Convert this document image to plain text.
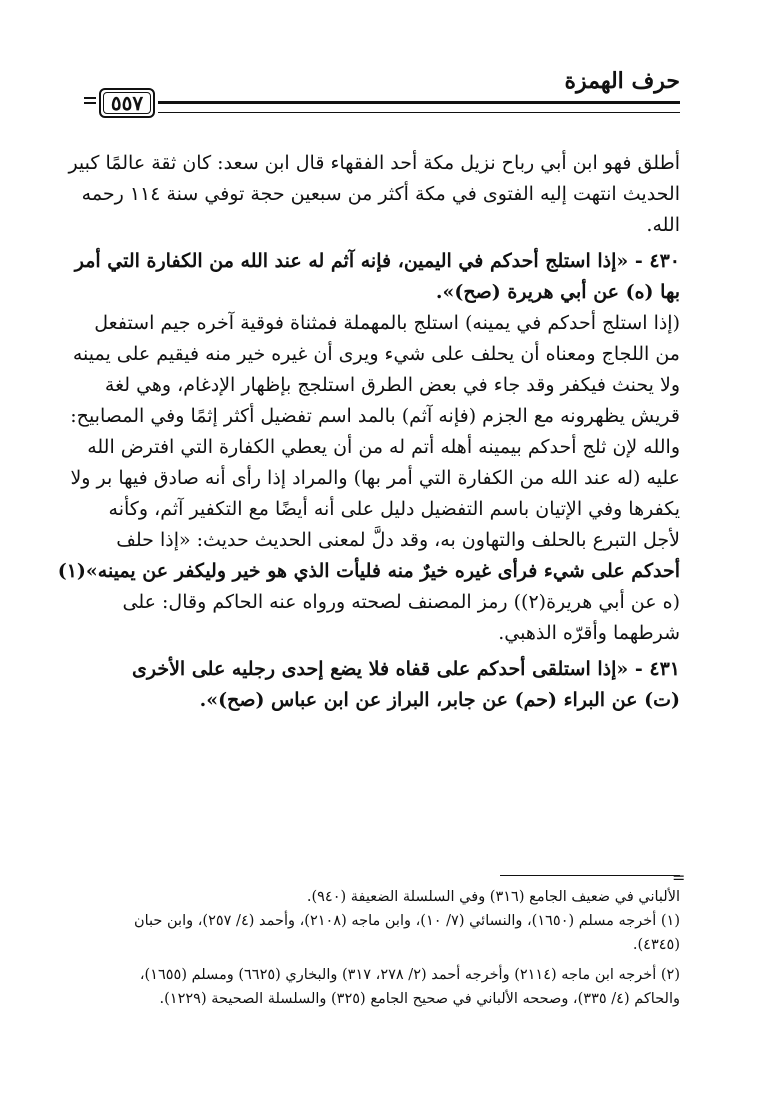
حرف الهمزة
٥٥٧
أطلق فهو ابن أبي رباح نزيل مكة أحد الفقهاء قال ابن سعد: كان ثقة عالمًا كبير
الحديث انتهت إليه الفتوى في مكة أكثر من سبعين حجة توفي سنة ١١٤ رحمه
الله.
٤٣٠ - «إذا استلج أحدكم في اليمين، فإنه آثم له عند الله من الكفارة التي أمر
بها (ه) عن أبي هريرة (صح)».
(إذا استلج أحدكم في يمينه) استلج بالمهملة فمثناة فوقية آخره جيم استفعل
من اللجاج ومعناه أن يحلف على شيء ويرى أن غيره خير منه فيقيم على يمينه
ولا يحنث فيكفر وقد جاء في بعض الطرق استلجج بإظهار الإدغام، وهي لغة
قريش يظهرونه مع الجزم (فإنه آثم) بالمد اسم تفضيل أكثر إثمًا وفي المصابيح:
والله لإن ثلج أحدكم بيمينه أهله أتم له من أن يعطي الكفارة التي افترض الله
عليه (له عند الله من الكفارة التي أمر بها) والمراد إذا رأى أنه صادق فيها بر ولا
يكفرها وفي الإتيان باسم التفضيل دليل على أنه أيضًا مع التكفير آثم، وكأنه
لأجل التبرع بالحلف والتهاون به، وقد دلَّ لمعنى الحديث حديث: «إذا حلف
أحدكم على شيء فرأى غيره خيرٌ منه فليأت الذي هو خير وليكفر عن يمينه»(١)
(ه عن أبي هريرة(٢)) رمز المصنف لصحته ورواه عنه الحاكم وقال: على
شرطهما وأقرّه الذهبي.
٤٣١ - «إذا استلقى أحدكم على قفاه فلا يضع إحدى رجليه على الأخرى
(ت) عن البراء (حم) عن جابر، البراز عن ابن عباس (صح)».
=
الألباني في ضعيف الجامع (٣١٦) وفي السلسلة الضعيفة (٩٤٠).
(١) أخرجه مسلم (١٦٥٠)، والنسائي (٧/ ١٠)، وابن ماجه (٢١٠٨)، وأحمد (٤/ ٢٥٧)، وابن حبان
(٤٣٤٥).
(٢) أخرجه ابن ماجه (٢١١٤) وأخرجه أحمد (٢/ ٢٧٨، ٣١٧) والبخاري (٦٦٢٥) ومسلم (١٦٥٥)،
والحاكم (٤/ ٣٣٥)، وصححه الألباني في صحيح الجامع (٣٢٥) والسلسلة الصحيحة (١٢٢٩).
